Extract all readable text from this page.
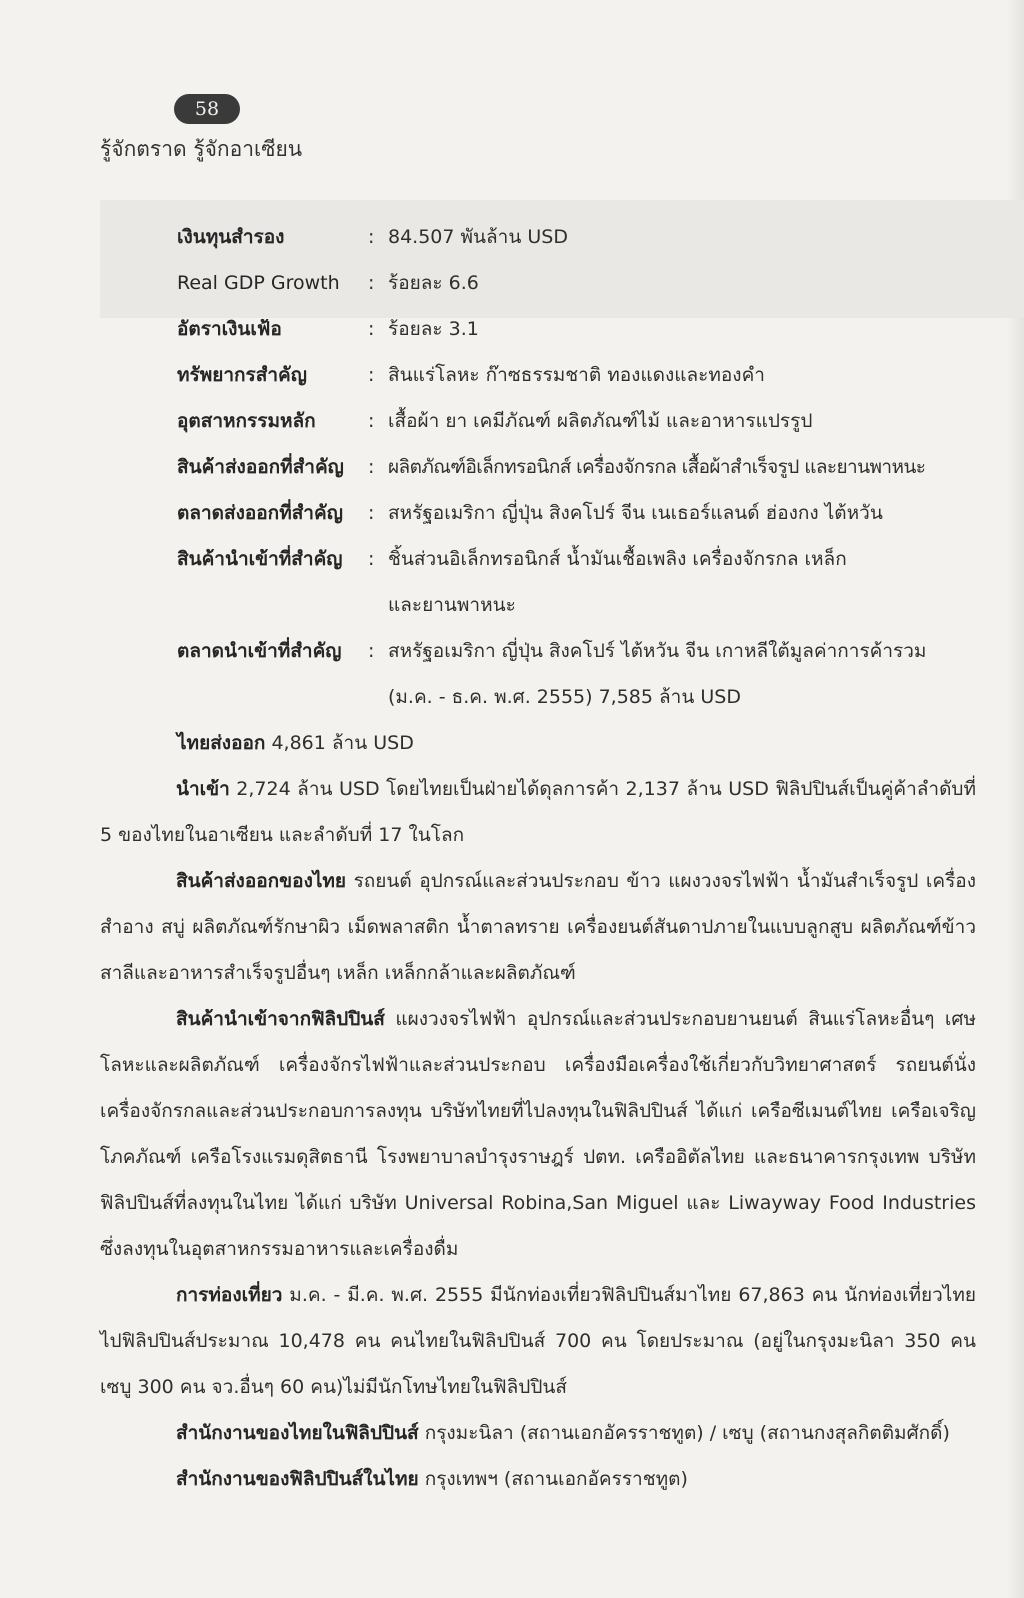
58
รู้จักตราด รู้จักอาเซียน
เงินทุนสำรอง	: 84.507 พันล้าน USD
Real GDP Growth : ร้อยละ 6.6
อัตราเงินเฟ้อ	: ร้อยละ 3.1
ทรัพยากรสำคัญ	: สินแร่โลหะ ก๊าซธรรมชาติ ทองแดงและทองคำ
อุตสาหกรรมหลัก	: เสื้อผ้า ยา เคมีภัณฑ์ ผลิตภัณฑ์ไม้ และอาหารแปรรูป
สินค้าส่งออกที่สำคัญ : ผลิตภัณฑ์อิเล็กทรอนิกส์ เครื่องจักรกล เสื้อผ้าสำเร็จรูป และยานพาหนะ
ตลาดส่งออกที่สำคัญ : สหรัฐอเมริกา ญี่ปุ่น สิงคโปร์ จีน เนเธอร์แลนด์ ฮ่องกง ไต้หวัน
สินค้านำเข้าที่สำคัญ : ชิ้นส่วนอิเล็กทรอนิกส์ น้ำมันเชื้อเพลิง เครื่องจักรกล เหล็ก
และยานพาหนะ
ตลาดนำเข้าที่สำคัญ : สหรัฐอเมริกา ญี่ปุ่น สิงคโปร์ ไต้หวัน จีน เกาหลีใต้มูลค่าการค้ารวม
(ม.ค. - ธ.ค. พ.ศ. 2555) 7,585 ล้าน USD
ไทยส่งออก 4,861 ล้าน USD
นำเข้า 2,724 ล้าน USD โดยไทยเป็นฝ่ายได้ดุลการค้า 2,137 ล้าน USD ฟิลิปปินส์เป็นคู่ค้าลำดับที่ 5 ของไทยในอาเซียน และลำดับที่ 17 ในโลก
สินค้าส่งออกของไทย รถยนต์ อุปกรณ์และส่วนประกอบ ข้าว แผงวงจรไฟฟ้า น้ำมันสำเร็จรูป เครื่องสำอาง สบู่ ผลิตภัณฑ์รักษาผิว เม็ดพลาสติก น้ำตาลทราย เครื่องยนต์สันดาปภายในแบบลูกสูบ ผลิตภัณฑ์ข้าวสาลีและอาหารสำเร็จรูปอื่นๆ เหล็ก เหล็กกล้าและผลิตภัณฑ์
สินค้านำเข้าจากฟิลิปปินส์ แผงวงจรไฟฟ้า อุปกรณ์และส่วนประกอบยานยนต์ สินแร่โลหะอื่นๆ เศษโลหะและผลิตภัณฑ์ เครื่องจักรไฟฟ้าและส่วนประกอบ เครื่องมือเครื่องใช้เกี่ยวกับวิทยาศาสตร์ รถยนต์นั่ง เครื่องจักรกลและส่วนประกอบการลงทุน บริษัทไทยที่ไปลงทุนในฟิลิปปินส์ ได้แก่ เครือซีเมนต์ไทย เครือเจริญโภคภัณฑ์ เครือโรงแรมดุสิตธานี โรงพยาบาลบำรุงราษฎร์ ปตท. เครืออิตัลไทย และธนาคารกรุงเทพ บริษัทฟิลิปปินส์ที่ลงทุนในไทย ได้แก่ บริษัท Universal Robina,San Miguel และ Liwayway Food Industries ซึ่งลงทุนในอุตสาหกรรมอาหารและเครื่องดื่ม
การท่องเที่ยว ม.ค. - มี.ค. พ.ศ. 2555 มีนักท่องเที่ยวฟิลิปปินส์มาไทย 67,863 คน นักท่องเที่ยวไทยไปฟิลิปปินส์ประมาณ 10,478 คน คนไทยในฟิลิปปินส์ 700 คน โดยประมาณ (อยู่ในกรุงมะนิลา 350 คน เซบู 300 คน จว.อื่นๆ 60 คน)ไม่มีนักโทษไทยในฟิลิปปินส์
สำนักงานของไทยในฟิลิปปินส์ กรุงมะนิลา (สถานเอกอัครราชทูต) / เซบู (สถานกงสุลกิตติมศักดิ์)
สำนักงานของฟิลิปปินส์ในไทย กรุงเทพฯ (สถานเอกอัครราชทูต)
